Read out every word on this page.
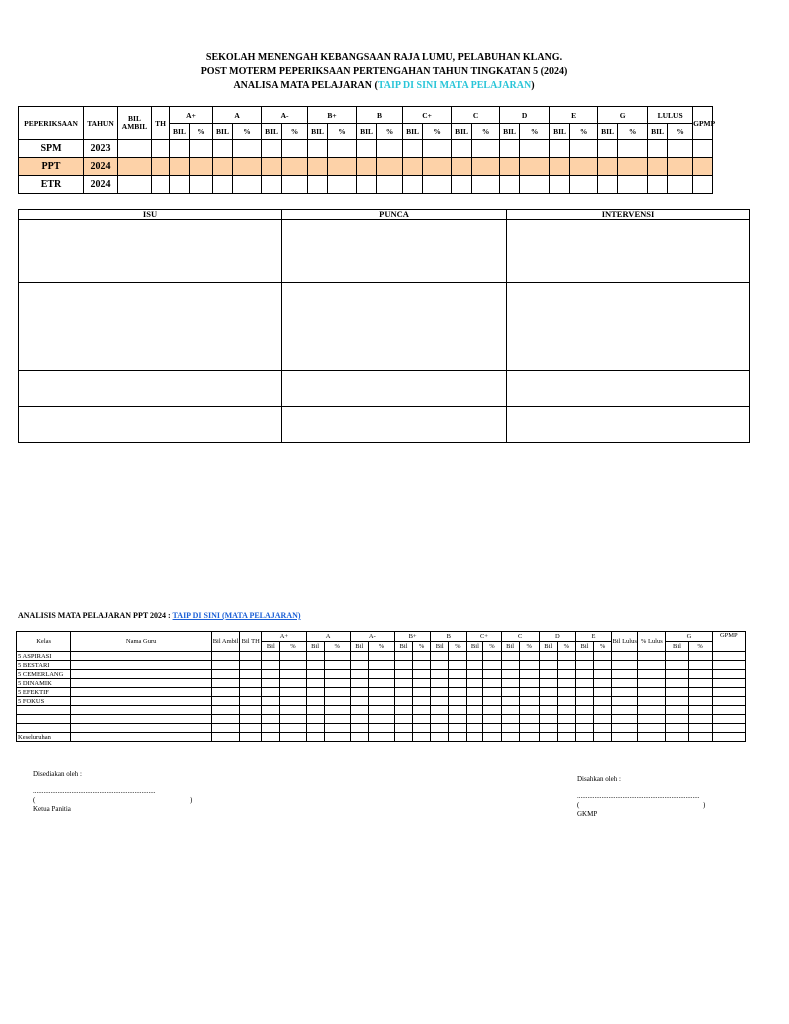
SEKOLAH MENENGAH KEBANGSAAN RAJA LUMU, PELABUHAN KLANG.
POST MOTERM PEPERIKSAAN PERTENGAHAN TAHUN TINGKATAN 5 (2024)
ANALISA MATA PELAJARAN (TAIP DI SINI MATA PELAJARAN)
PEPERIKSAAN	TAHUN	BIL AMBIL	TH	A+		A		A-		B+		B		C+		C		D		E		G		LULUS		GPMP
				BIL	%	BIL	%	BIL	%	BIL	%	BIL	%	BIL	%	BIL	%	BIL	%	BIL	%	BIL	%	BIL	%	
SPM	2023																									
PPT	2024																									
ETR	2024																									
ISU	PUNCA	INTERVENSI

ANALISIS MATA PELAJARAN PPT 2024 : TAIP DI SINI (MATA PELAJARAN)
Kelas	Nama Guru	Bil Ambil	Bil TH	A+		A		A-		B+		B		C+		C		D		E		Bil Lulus	% Lulus	G		GPMP
				Bil	%	Bil	%	Bil	%	Bil	%	Bil	%	Bil	%	Bil	%	Bil	%	Bil	%			Bil	%	
5 ASPIRASI																										
5 BESTARI																										
5 CEMERLANG																										
5 DINAMIK																										
5 EFEKTIF																										
5 FOKUS																										

Keseluruhan																										
Disediakan oleh :
......................................................................
(	)
Ketua Panitia
Disahkan oleh :
......................................................................
(	)
GKMP
